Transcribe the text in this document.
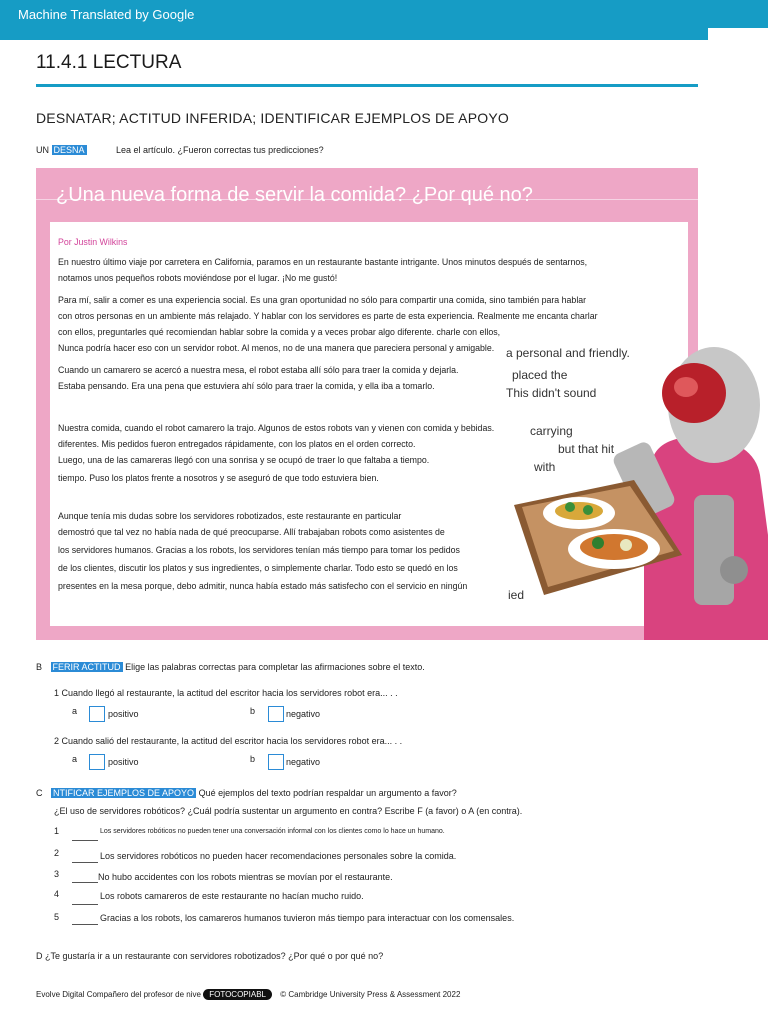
Machine Translated by Google
11.4.1 LECTURA
DESNATAR; ACTITUD INFERIDA; IDENTIFICAR EJEMPLOS DE APOYO
UN DESNA	Lea el artículo. ¿Fueron correctas tus predicciones?
¿Una nueva forma de servir la comida? ¿Por qué no?

Por Justin Wilkins

En nuestro último viaje por carretera en California, paramos en un restaurante bastante intrigante. Unos minutos después de sentarnos,

notamos unos pequeños robots moviéndose por el lugar. ¡No me gustó!

Para mí, salir a comer es una experiencia social. Es una gran oportunidad no sólo para compartir una comida, sino también para hablar

con otros personas en un ambiente más relajado. Y hablar con los servidores es parte de esta experiencia. Realmente me encanta charlar

con ellos, preguntarles qué recomiendan hablar sobre la comida y a veces probar algo diferente. charle con ellos,

Nunca podría hacer eso con un servidor robot. Al menos, no de una manera que pareciera personal y amigable.

Cuando un camarero se acercó a nuestra mesa, el robot estaba allí sólo para traer la comida y dejarla.

Estaba pensando. Era una pena que estuviera ahí sólo para traer la comida, y ella iba a tomarlo.

Nuestra comida, cuando el robot camarero la trajo. Algunos de estos robots van y vienen con comida y bebidas.

diferentes. Mis pedidos fueron entregados rápidamente, con los platos en el orden correcto.

Luego, una de las camareras llegó con una sonrisa y se ocupó de traer lo que faltaba a tiempo.

tiempo. Puso los platos frente a nosotros y se aseguró de que todo estuviera bien.

Aunque tenía mis dudas sobre los servidores robotizados, este restaurante en particular

demostró que tal vez no había nada de qué preocuparse. Allí trabajaban robots como asistentes de

los servidores humanos. Gracias a los robots, los servidores tenían más tiempo para tomar los pedidos

de los clientes, discutir los platos y sus ingredientes, o simplemente charlar. Todo esto se quedó en los

presentes en la mesa porque, debo admitir, nunca había estado más satisfecho con el servicio en ningún

a personal and friendly.
placed the
This didn't sound
carrying
but that hit
with
ied
B FERIR ACTITUD Elige las palabras correctas para completar las afirmaciones sobre el texto.
1 Cuando llegó al restaurante, la actitud del escritor hacia los servidores robot era... . .
a	positivo	b	negativo
2 Cuando salió del restaurante, la actitud del escritor hacia los servidores robot era... . .
a	positivo	b	negativo
C NTIFICAR EJEMPLOS DE APOYO Qué ejemplos del texto podrían respaldar un argumento a favor?
¿El uso de servidores robóticos? ¿Cuál podría sustentar un argumento en contra? Escribe F (a favor) o A (en contra).
1	Los servidores robóticos no pueden tener una conversación informal con los clientes como lo hace un humano.
2	Los servidores robóticos no pueden hacer recomendaciones personales sobre la comida.
3	No hubo accidentes con los robots mientras se movían por el restaurante.
4	Los robots camareros de este restaurante no hacían mucho ruido.
5	Gracias a los robots, los camareros humanos tuvieron más tiempo para interactuar con los comensales.
D ¿Te gustaría ir a un restaurante con servidores robotizados? ¿Por qué o por qué no?
Evolve Digital Compañero del profesor de nive FOTOCOPIABL © Cambridge University Press & Assessment 2022
